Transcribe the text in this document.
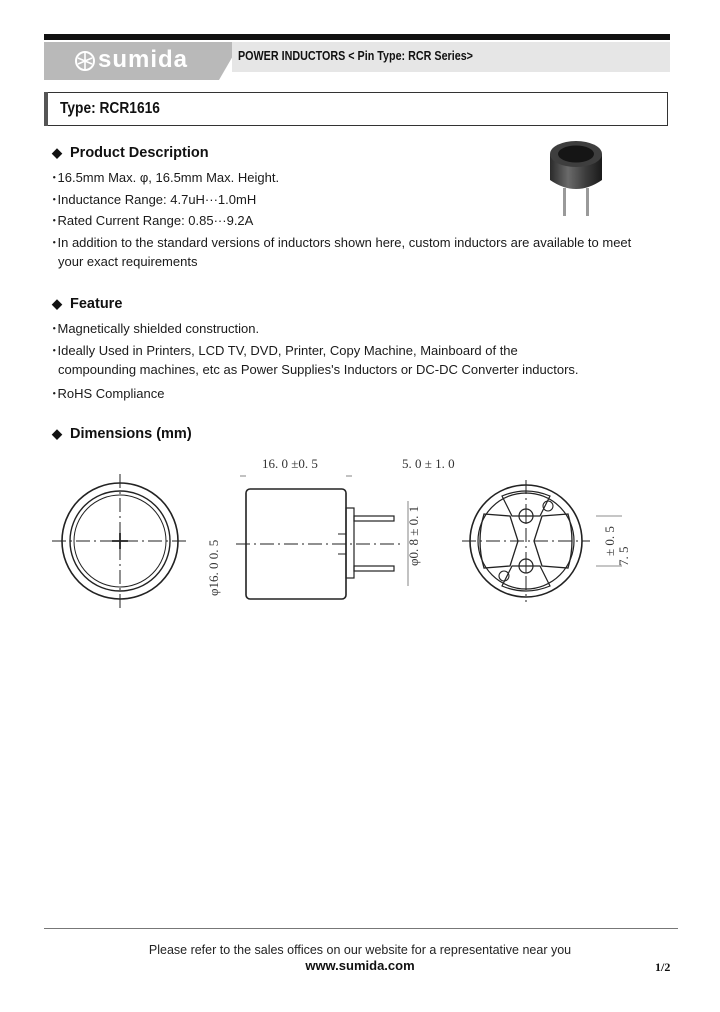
sumida	POWER INDUCTORS < Pin Type: RCR Series>
Type: RCR1616
◆ Product Description
･16.5mm Max. φ, 16.5mm Max. Height.
･Inductance Range: 4.7uH···1.0mH
･Rated Current Range: 0.85···9.2A
･In addition to the standard versions of inductors shown here, custom inductors are available to meet
your exact requirements
◆ Feature
･Magnetically shielded construction.
･Ideally Used in Printers, LCD TV, DVD, Printer, Copy Machine, Mainboard of the
compounding machines, etc as Power Supplies's Inductors or DC-DC Converter inductors.
･RoHS Compliance
◆ Dimensions (mm)
16. 0 ±0. 5	5. 0 ± 1. 0
φ16. 0 0. 5
φ0. 8 ± 0. 1	± 0. 5
7. 5
Please refer to the sales offices on our website for a representative near you
www.sumida.com	1/2
